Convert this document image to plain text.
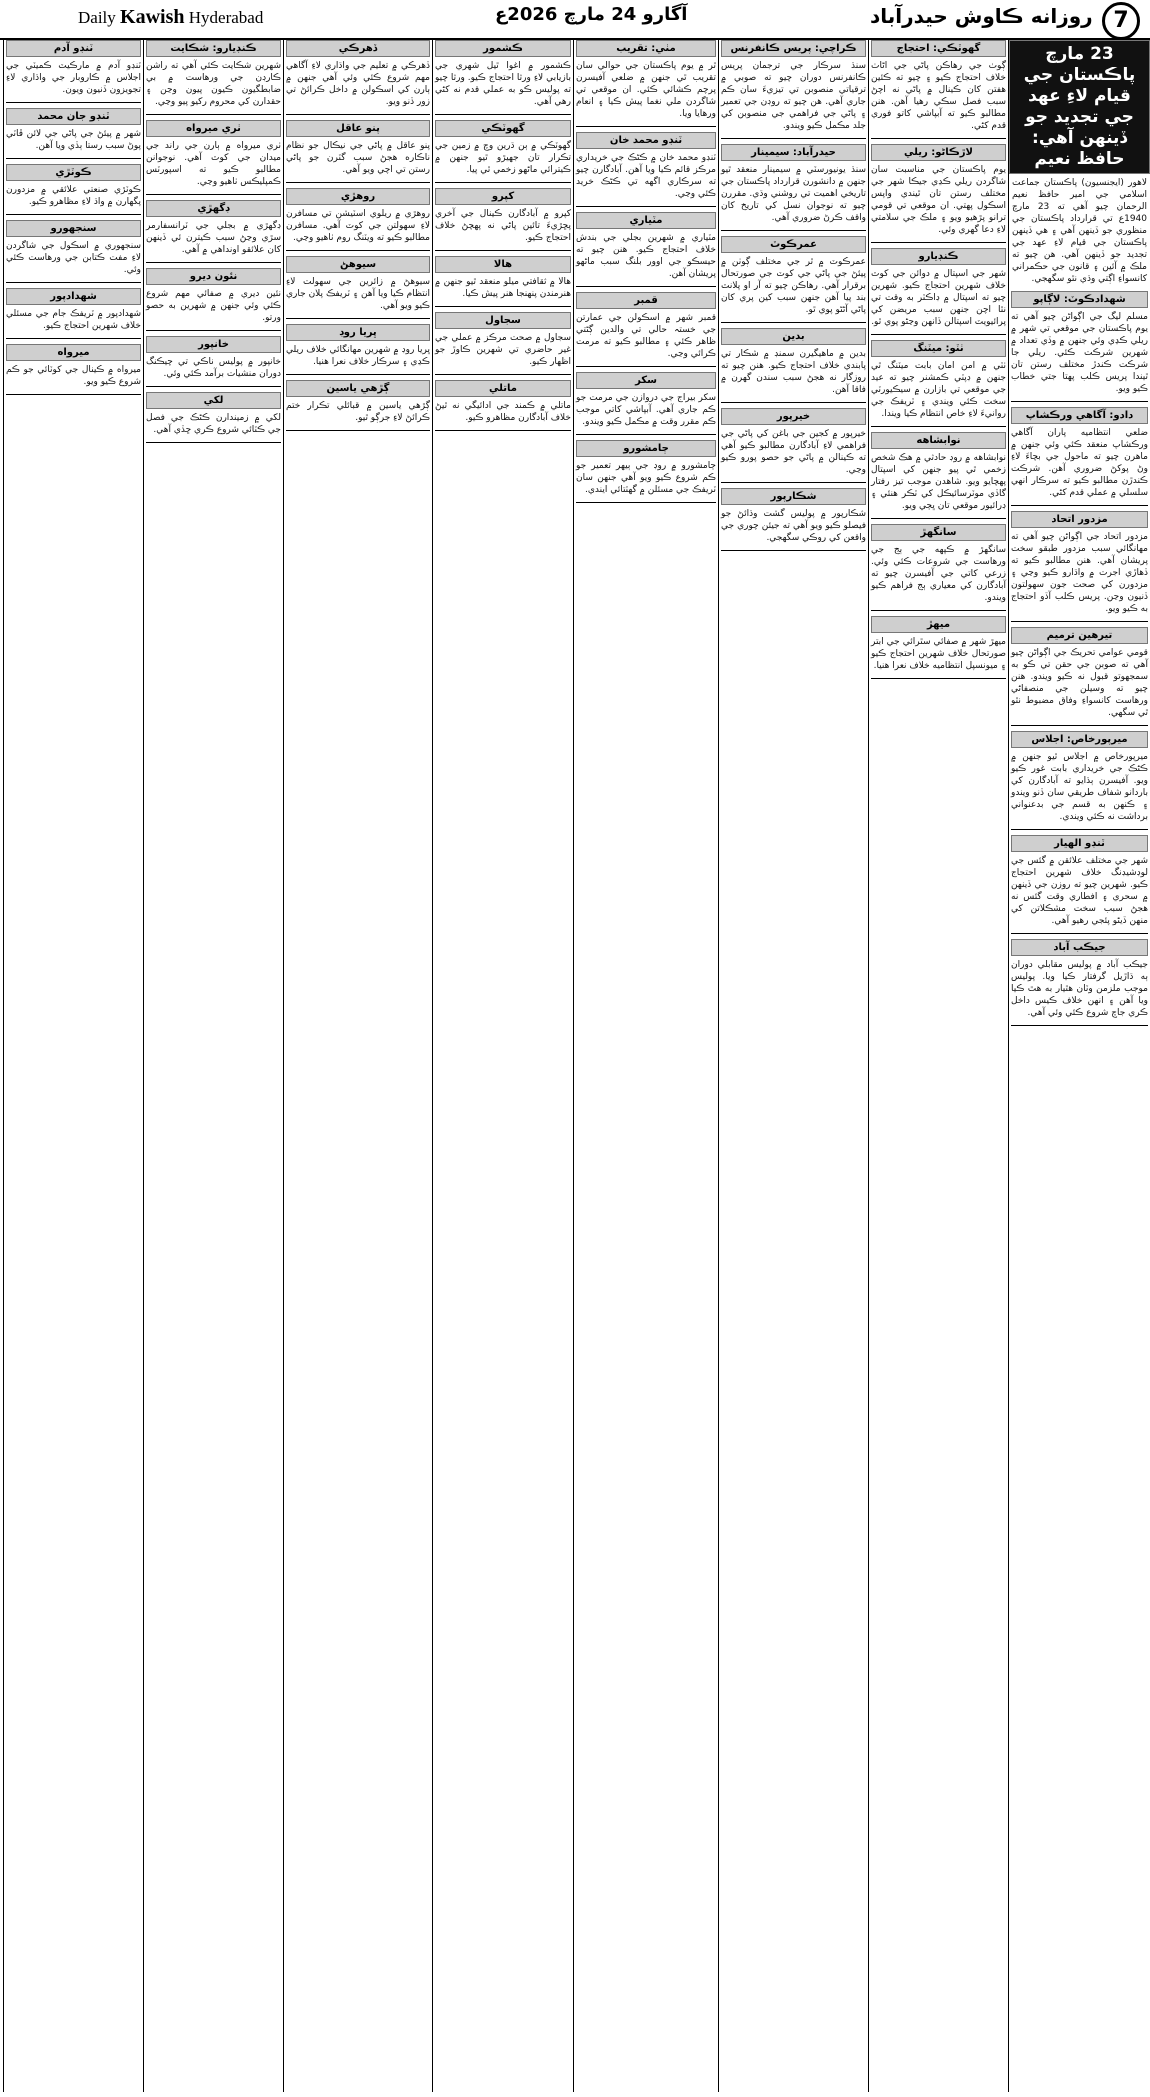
Daily Kawish Hyderabad	آگارو 24 مارچ 2026ع	روزانه ڪاوش حيدرآباد 7
23 مارچ پاڪستان جي قيام لاءِ عهد جي تجديد جو ڏينهن آهي: حافظ نعيم
لاهور (ايجنسيون) پاڪستان جماعت اسلامي جي امير حافظ نعيم الرحمان چيو آهي ته 23 مارچ 1940ع تي قرارداد پاڪستان جي منظوري جو ڏينهن آهي ۽ هي ڏينهن پاڪستان جي قيام لاءِ عهد جي تجديد جو ڏينهن آهي. هن چيو ته ملڪ ۾ آئين ۽ قانون جي حڪمراني کانسواءِ اڳتي وڌي نٿو سگهجي.
شهدادڪوٽ: لاڳاپو

مسلم ليگ جي اڳواڻن چيو آهي ته يوم پاڪستان جي موقعي تي شهر ۾ ريلي ڪڍي وئي جنهن ۾ وڏي تعداد ۾ شهرين شرڪت ڪئي. ريلي جا شرڪت ڪندڙ مختلف رستن تان ٿيندا پريس ڪلب پهتا جتي خطاب ڪيو ويو.

دادو: آگاهي ورڪشاپ

ضلعي انتظاميه پاران آگاهي ورڪشاپ منعقد ڪئي وئي جنهن ۾ ماهرن چيو ته ماحول جي بچاءَ لاءِ وڻ پوکڻ ضروري آهن. شرڪت ڪندڙن مطالبو ڪيو ته سرڪار انهي سلسلي ۾ عملي قدم کڻي.

مزدور اتحاد

مزدور اتحاد جي اڳواڻن چيو آهي ته مهانگائي سبب مزدور طبقو سخت پريشان آهي. هنن مطالبو ڪيو ته ڏهاڙي اجرت ۾ واڌارو ڪيو وڃي ۽ مزدورن کي صحت جون سهولتون ڏنيون وڃن. پريس ڪلب آڏو احتجاج به ڪيو ويو.

تيرهين ترميم

قومي عوامي تحريڪ جي اڳواڻن چيو آهي ته صوبن جي حقن تي ڪو به سمجهوتو قبول نه ڪيو ويندو. هنن چيو ته وسيلن جي منصفاڻي ورهاست کانسواءِ وفاق مضبوط نٿو ٿي سگهي.

ميرپورخاص: اجلاس

ميرپورخاص ۾ اجلاس ٿيو جنهن ۾ ڪڻڪ جي خريداري بابت غور ڪيو ويو. آفيسرن ٻڌايو ته آبادگارن کي باردانو شفاف طريقي سان ڏنو ويندو ۽ ڪنهن به قسم جي بدعنواني برداشت نه ڪئي ويندي.

ٽنڊو الهيار

شهر جي مختلف علائقن ۾ گئس جي لوڊشيڊنگ خلاف شهرين احتجاج ڪيو. شهرين چيو ته روزن جي ڏينهن ۾ سحري ۽ افطاري وقت گئس نه هجڻ سبب سخت مشڪلاتن کي منهن ڏيڻو پئجي رهيو آهي.

جيڪب آباد

جيڪب آباد ۾ پوليس مقابلي دوران ٻه ڌاڙيل گرفتار ڪيا ويا. پوليس موجب ملزمن وٽان هٿيار به هٿ ڪيا ويا آهن ۽ انهن خلاف ڪيس داخل ڪري جاچ شروع ڪئي وئي آهي.

گهوٽڪي: احتجاج

ڳوٺ جي رهاڪن پاڻي جي اڻاٺ خلاف احتجاج ڪيو ۽ چيو ته ڪئين هفتن کان ڪينال ۾ پاڻي نه اچڻ سبب فصل سڪي رهيا آهن. هنن مطالبو ڪيو ته آبپاشي کاتو فوري قدم کڻي.

لاڙڪاڻو: ريلي

يوم پاڪستان جي مناسبت سان شاگردن ريلي ڪڍي جيڪا شهر جي مختلف رستن تان ٿيندي واپس اسڪول پهتي. ان موقعي تي قومي ترانو پڙهيو ويو ۽ ملڪ جي سلامتي لاءِ دعا گهري وئي.

ڪنڊيارو

شهر جي اسپتال ۾ دوائن جي کوٽ خلاف شهرين احتجاج ڪيو. شهرين چيو ته اسپتال ۾ ڊاڪٽر به وقت تي نٿا اچن جنهن سبب مريضن کي پرائيويٽ اسپتالن ڏانهن وڃڻو پوي ٿو.

ٺٽو: ميٽنگ

ٺٽي ۾ امن امان بابت ميٽنگ ٿي جنهن ۾ ڊپٽي ڪمشنر چيو ته عيد جي موقعي تي بازارن ۾ سيڪيورٽي سخت ڪئي ويندي ۽ ٽريفڪ جي روانيءَ لاءِ خاص انتظام ڪيا ويندا.

نوابشاهه

نوابشاهه ۾ روڊ حادثي ۾ هڪ شخص زخمي ٿي پيو جنهن کي اسپتال پهچايو ويو. شاهدن موجب تيز رفتار گاڏي موٽرسائيڪل کي ٽڪر هنئي ۽ ڊرائيور موقعي تان ڀڄي ويو.

سانگهڙ

سانگهڙ ۾ ڪپهه جي ٻج جي ورهاست جي شروعات ڪئي وئي. زرعي کاتي جي آفيسرن چيو ته آبادگارن کي معياري ٻج فراهم ڪيو ويندو.

ميهڙ

ميهڙ شهر ۾ صفائي سٿرائي جي ابتر صورتحال خلاف شهرين احتجاج ڪيو ۽ ميونسپل انتظاميه خلاف نعرا هنيا.

ڪراچي: پريس ڪانفرنس

سنڌ سرڪار جي ترجمان پريس ڪانفرنس دوران چيو ته صوبي ۾ ترقياتي منصوبن تي تيزيءَ سان ڪم جاري آهي. هن چيو ته روڊن جي تعمير ۽ پاڻي جي فراهمي جي منصوبن کي جلد مڪمل ڪيو ويندو.

حيدرآباد: سيمينار

سنڌ يونيورسٽي ۾ سيمينار منعقد ٿيو جنهن ۾ دانشورن قرارداد پاڪستان جي تاريخي اهميت تي روشني وڌي. مقررن چيو ته نوجوان نسل کي تاريخ کان واقف ڪرڻ ضروري آهي.

عمرڪوٽ

عمرڪوٽ ۾ ٿر جي مختلف ڳوٺن ۾ پيئڻ جي پاڻي جي کوٽ جي صورتحال برقرار آهي. رهاڪن چيو ته آر او پلانٽ بند پيا آهن جنهن سبب کين پري کان پاڻي آڻڻو پوي ٿو.

بدين

بدين ۾ ماهيگيرن سمنڊ ۾ شڪار تي پابندي خلاف احتجاج ڪيو. هنن چيو ته روزگار نه هجڻ سبب سندن گهرن ۾ فاقا آهن.

خيرپور

خيرپور ۾ کجين جي باغن کي پاڻي جي فراهمي لاءِ آبادگارن مطالبو ڪيو آهي ته ڪينالن ۾ پاڻي جو حصو پورو ڪيو وڃي.

شڪارپور

شڪارپور ۾ پوليس گشت وڌائڻ جو فيصلو ڪيو ويو آهي ته جيئن چوري جي واقعن کي روڪي سگهجي.

مٺي: تقريب

ٿر ۾ يوم پاڪستان جي حوالي سان تقريب ٿي جنهن ۾ ضلعي آفيسرن پرچم ڪشائي ڪئي. ان موقعي تي شاگردن ملي نغما پيش ڪيا ۽ انعام ورهايا ويا.

ٽنڊو محمد خان

ٽنڊو محمد خان ۾ ڪڻڪ جي خريداري مرڪز قائم ڪيا ويا آهن. آبادگارن چيو ته سرڪاري اگهه تي ڪڻڪ خريد ڪئي وڃي.

مٽياري

مٽياري ۾ شهرين بجلي جي بندش خلاف احتجاج ڪيو. هنن چيو ته حيسڪو جي اوور بلنگ سبب ماڻهو پريشان آهن.

قمبر

قمبر شهر ۾ اسڪولن جي عمارتن جي خستہ حالي تي والدين ڳڻتي ظاهر ڪئي ۽ مطالبو ڪيو ته مرمت ڪرائي وڃي.

سکر

سکر بيراج جي دروازن جي مرمت جو ڪم جاري آهي. آبپاشي کاتي موجب ڪم مقرر وقت ۾ مڪمل ڪيو ويندو.

ڄامشورو

ڄامشورو ۾ روڊ جي ٻيهر تعمير جو ڪم شروع ڪيو ويو آهي جنهن سان ٽريفڪ جي مسئلن ۾ گهٽتائي ايندي.

ڪشمور

ڪشمور ۾ اغوا ٿيل شهري جي بازيابي لاءِ ورثا احتجاج ڪيو. ورثا چيو ته پوليس ڪو به عملي قدم نه کڻي رهي آهي.

گهوٽڪي

گهوٽڪي ۾ ٻن ڌرين وچ ۾ زمين جي تڪرار تان جهيڙو ٿيو جنهن ۾ ڪيترائي ماڻهو زخمي ٿي پيا.

کپرو

کپرو ۾ آبادگارن ڪينال جي آخري پڇڙيءَ تائين پاڻي نه پهچڻ خلاف احتجاج ڪيو.

هالا

هالا ۾ ثقافتي ميلو منعقد ٿيو جنهن ۾ هنرمندن پنهنجا هنر پيش ڪيا.

سجاول

سجاول ۾ صحت مرڪز ۾ عملي جي غير حاضري تي شهرين ڪاوڙ جو اظهار ڪيو.

ماتلي

ماتلي ۾ ڪمند جي ادائيگي نه ٿيڻ خلاف آبادگارن مظاهرو ڪيو.

ڏهرڪي

ڏهرڪي ۾ تعليم جي واڌاري لاءِ آگاهي مهم شروع ڪئي وئي آهي جنهن ۾ ٻارن کي اسڪولن ۾ داخل ڪرائڻ تي زور ڏنو ويو.

پنو عاقل

پنو عاقل ۾ پاڻي جي نيڪال جو نظام ناڪاره هجڻ سبب گٽرن جو پاڻي رستن تي اچي ويو آهي.

روهڙي

روهڙي ۾ ريلوي اسٽيشن تي مسافرن لاءِ سهولتن جي کوٽ آهي. مسافرن مطالبو ڪيو ته ويٽنگ روم ٺاهيو وڃي.

سيوهڻ

سيوهڻ ۾ زائرين جي سهولت لاءِ انتظام ڪيا ويا آهن ۽ ٽريفڪ پلان جاري ڪيو ويو آهي.

ڀريا روڊ

ڀريا روڊ ۾ شهرين مهانگائي خلاف ريلي ڪڍي ۽ سرڪار خلاف نعرا هنيا.

ڳڙهي ياسين

ڳڙهي ياسين ۾ قبائلي تڪرار ختم ڪرائڻ لاءِ جرڳو ٿيو.

ڪنڊيارو: شڪايت

شهرين شڪايت ڪئي آهي ته راشن ڪارڊن جي ورهاست ۾ بي ضابطگيون ڪيون پيون وڃن ۽ حقدارن کي محروم رکيو پيو وڃي.

ٺري ميرواه

ٺري ميرواه ۾ ٻارن جي راند جي ميدان جي کوٽ آهي. نوجوانن مطالبو ڪيو ته اسپورٽس ڪمپليڪس ٺاهيو وڃي.

ڊگهڙي

ڊگهڙي ۾ بجلي جي ٽرانسفارمر سڙي وڃڻ سبب ڪيترن ئي ڏينهن کان علائقو اونداهي ۾ آهي.

نئون ديرو

نئين ديري ۾ صفائي مهم شروع ڪئي وئي جنهن ۾ شهرين به حصو ورتو.

خانپور

خانپور ۾ پوليس ناڪي تي چيڪنگ دوران منشيات برآمد ڪئي وئي.

لکي

لکي ۾ زميندارن ڪڻڪ جي فصل جي ڪٽائي شروع ڪري ڇڏي آهي.

ٽنڊو آدم

ٽنڊو آدم ۾ مارڪيٽ ڪميٽي جي اجلاس ۾ ڪاروبار جي واڌاري لاءِ تجويزون ڏنيون ويون.

ٽنڊو جان محمد

شهر ۾ پيئڻ جي پاڻي جي لائن ڦاٽي پوڻ سبب رستا ٻڏي ويا آهن.

ڪوٽڙي

ڪوٽڙي صنعتي علائقي ۾ مزدورن پگهارن ۾ واڌ لاءِ مظاهرو ڪيو.

سنجھورو

سنجھوري ۾ اسڪول جي شاگردن لاءِ مفت ڪتابن جي ورهاست ڪئي وئي.

شهدادپور

شهدادپور ۾ ٽريفڪ جام جي مسئلي خلاف شهرين احتجاج ڪيو.

ميرواه

ميرواه ۾ ڪينال جي کوٽائي جو ڪم شروع ڪيو ويو.
